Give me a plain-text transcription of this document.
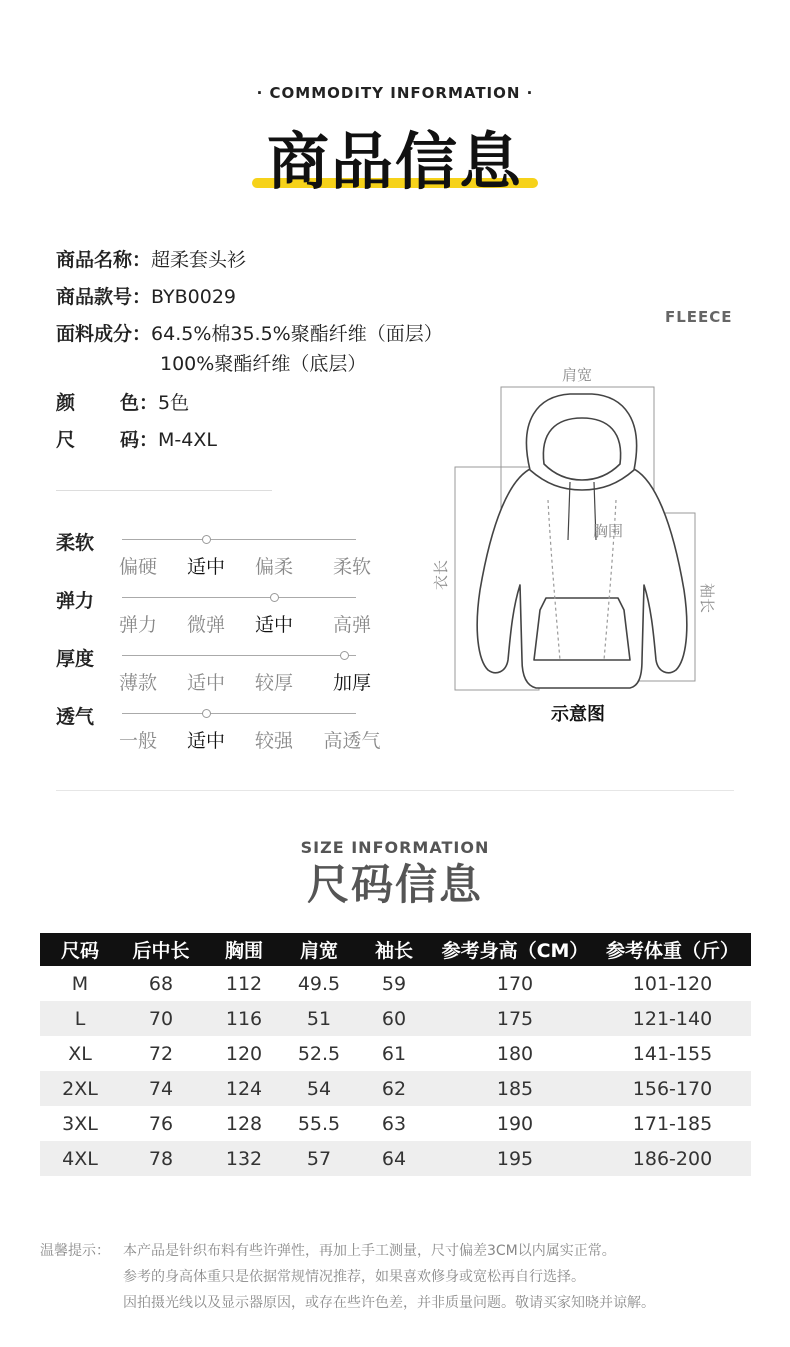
· COMMODITY INFORMATION ·
商品信息
商品名称：超柔套头衫
商品款号：BYB0029
面料成分：64.5%棉35.5%聚酯纤维（面层）
100%聚酯纤维（底层）
颜 色：5色
尺 码：M-4XL
柔软
偏硬	适中	偏柔	柔软
弹力
弹力	微弹	适中	高弹
厚度
薄款	适中	较厚	加厚
透气
一般	适中	较强	高透气
FLEECE
肩宽
胸围
衣长
袖长
示意图
SIZE INFORMATION
尺码信息
尺码	后中长	胸围	肩宽	袖长	参考身高（CM）	参考体重（斤）
M	68	112	49.5	59	170	101-120
L	70	116	51	60	175	121-140
XL	72	120	52.5	61	180	141-155
2XL	74	124	54	62	185	156-170
3XL	76	128	55.5	63	190	171-185
4XL	78	132	57	64	195	186-200
温馨提示： 本产品是针织布料有些许弹性，再加上手工测量，尺寸偏差3CM以内属实正常。
参考的身高体重只是依据常规情况推荐，如果喜欢修身或宽松再自行选择。
因拍摄光线以及显示器原因，或存在些许色差，并非质量问题。敬请买家知晓并谅解。
